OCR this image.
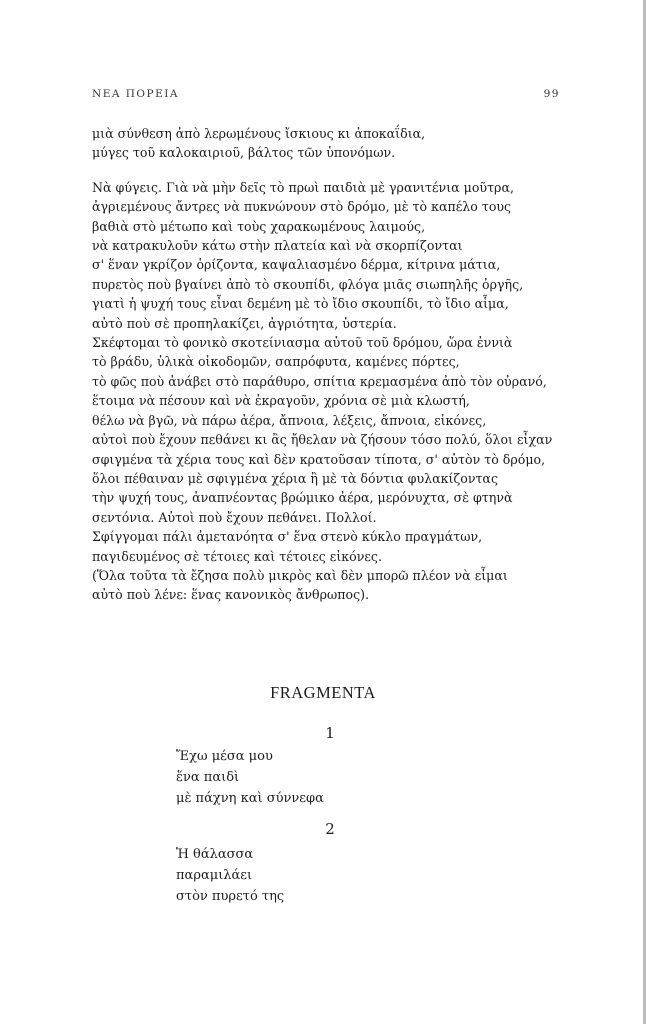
ΝΕΑ ΠΟΡΕΙΑ	99
μιὰ σύνθεση ἀπὸ λερωμένους ἴσκιους κι ἀποκαΐδια,
μύγες τοῦ καλοκαιριοῦ, βάλτος τῶν ὑπονόμων.
Νὰ φύγεις. Γιὰ νὰ μὴν δεῖς τὸ πρωὶ παιδιὰ μὲ γρανιτένια μοῦτρα,
ἀγριεμένους ἄντρες νὰ πυκνώνουν στὸ δρόμο, μὲ τὸ καπέλο τους
βαθιὰ στὸ μέτωπο καὶ τοὺς χαρακωμένους λαιμούς,
νὰ κατρακυλοῦν κάτω στὴν πλατεία καὶ νὰ σκορπίζονται
σ' ἕναν γκρίζον ὁρίζοντα, καψαλιασμένο δέρμα, κίτρινα μάτια,
πυρετὸς ποὺ βγαίνει ἀπὸ τὸ σκουπίδι, φλόγα μιᾶς σιωπηλῆς ὀργῆς,
γιατὶ ἡ ψυχή τους εἶναι δεμένη μὲ τὸ ἴδιο σκουπίδι, τὸ ἴδιο αἷμα,
αὐτὸ ποὺ σὲ προπηλακίζει, ἀγριότητα, ὑστερία.
Σκέφτομαι τὸ φονικὸ σκοτείνιασμα αὐτοῦ τοῦ δρόμου, ὥρα ἐννιὰ
τὸ βράδυ, ὑλικὰ οἰκοδομῶν, σαπρόφυτα, καμένες πόρτες,
τὸ φῶς ποὺ ἀνάβει στὸ παράθυρο, σπίτια κρεμασμένα ἀπὸ τὸν οὐρανό,
ἕτοιμα νὰ πέσουν καὶ νὰ ἐκραγοῦν, χρόνια σὲ μιὰ κλωστή,
θέλω νὰ βγῶ, νὰ πάρω ἀέρα, ἄπνοια, λέξεις, ἄπνοια, εἰκόνες,
αὐτοὶ ποὺ ἔχουν πεθάνει κι ἂς ἤθελαν νὰ ζήσουν τόσο πολύ, ὅλοι εἶχαν
σφιγμένα τὰ χέρια τους καὶ δὲν κρατοῦσαν τίποτα, σ' αὐτὸν τὸ δρόμο,
ὅλοι πέθαιναν μὲ σφιγμένα χέρια ἢ μὲ τὰ δόντια φυλακίζοντας
τὴν ψυχή τους, ἀναπνέοντας βρώμικο ἀέρα, μερόνυχτα, σὲ φτηνὰ
σεντόνια. Αὐτοὶ ποὺ ἔχουν πεθάνει. Πολλοί.
Σφίγγομαι πάλι ἀμετανόητα σ' ἕνα στενὸ κύκλο πραγμάτων,
παγιδευμένος σὲ τέτοιες καὶ τέτοιες εἰκόνες.
(Ὅλα τοῦτα τὰ ἔζησα πολὺ μικρὸς καὶ δὲν μπορῶ πλέον νὰ εἶμαι
αὐτὸ ποὺ λένε: ἕνας κανονικὸς ἄνθρωπος).
FRAGMENTA
1
Ἔχω μέσα μου
ἕνα παιδὶ
μὲ πάχνη καὶ σύννεφα
2
Ἡ θάλασσα
παραμιλάει
στὸν πυρετό της
